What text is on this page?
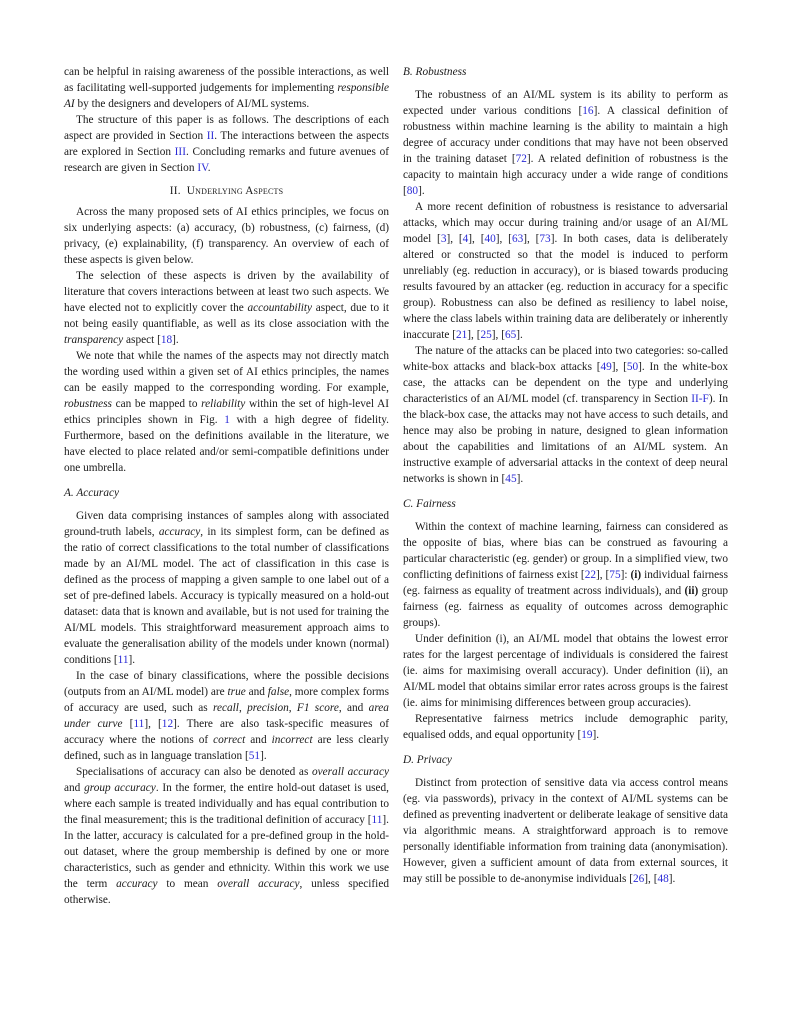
can be helpful in raising awareness of the possible interactions, as well as facilitating well-supported judgements for implementing responsible AI by the designers and developers of AI/ML systems.

The structure of this paper is as follows. The descriptions of each aspect are provided in Section II. The interactions between the aspects are explored in Section III. Concluding remarks and future avenues of research are given in Section IV.

II. Underlying Aspects

Across the many proposed sets of AI ethics principles, we focus on six underlying aspects: (a) accuracy, (b) robustness, (c) fairness, (d) privacy, (e) explainability, (f) transparency. An overview of each of these aspects is given below.

The selection of these aspects is driven by the availability of literature that covers interactions between at least two such aspects. We have elected not to explicitly cover the accountability aspect, due to it not being easily quantifiable, as well as its close association with the transparency aspect [18].

We note that while the names of the aspects may not directly match the wording used within a given set of AI ethics principles, the names can be easily mapped to the corresponding wording. For example, robustness can be mapped to reliability within the set of high-level AI ethics principles shown in Fig. 1 with a high degree of fidelity. Furthermore, based on the definitions available in the literature, we have elected to place related and/or semi-compatible definitions under one umbrella.

A. Accuracy

Given data comprising instances of samples along with associated ground-truth labels, accuracy, in its simplest form, can be defined as the ratio of correct classifications to the total number of classifications made by an AI/ML model. The act of classification in this case is defined as the process of mapping a given sample to one label out of a set of pre-defined labels. Accuracy is typically measured on a hold-out dataset: data that is known and available, but is not used for training the AI/ML models. This straightforward measurement approach aims to evaluate the generalisation ability of the models under known (normal) conditions [11].

In the case of binary classifications, where the possible decisions (outputs from an AI/ML model) are true and false, more complex forms of accuracy are used, such as recall, precision, F1 score, and area under curve [11], [12]. There are also task-specific measures of accuracy where the notions of correct and incorrect are less clearly defined, such as in language translation [51].

Specialisations of accuracy can also be denoted as overall accuracy and group accuracy. In the former, the entire hold-out dataset is used, where each sample is treated individually and has equal contribution to the final measurement; this is the traditional definition of accuracy [11]. In the latter, accuracy is calculated for a pre-defined group in the hold-out dataset, where the group membership is defined by one or more characteristics, such as gender and ethnicity. Within this work we use the term accuracy to mean overall accuracy, unless specified otherwise.

B. Robustness

The robustness of an AI/ML system is its ability to perform as expected under various conditions [16]. A classical definition of robustness within machine learning is the ability to maintain a high degree of accuracy under conditions that may have not been observed in the training dataset [72]. A related definition of robustness is the capacity to maintain high accuracy under a wide range of conditions [80].

A more recent definition of robustness is resistance to adversarial attacks, which may occur during training and/or usage of an AI/ML model [3], [4], [40], [63], [73]. In both cases, data is deliberately altered or constructed so that the model is induced to perform unreliably (eg. reduction in accuracy), or is biased towards producing results favoured by an attacker (eg. reduction in accuracy for a specific group). Robustness can also be defined as resiliency to label noise, where the class labels within training data are deliberately or inherently inaccurate [21], [25], [65].

The nature of the attacks can be placed into two categories: so-called white-box attacks and black-box attacks [49], [50]. In the white-box case, the attacks can be dependent on the type and underlying characteristics of an AI/ML model (cf. transparency in Section II-F). In the black-box case, the attacks may not have access to such details, and hence may also be probing in nature, designed to glean information about the capabilities and limitations of an AI/ML system. An instructive example of adversarial attacks in the context of deep neural networks is shown in [45].

C. Fairness

Within the context of machine learning, fairness can considered as the opposite of bias, where bias can be construed as favouring a particular characteristic (eg. gender) or group. In a simplified view, two conflicting definitions of fairness exist [22], [75]: (i) individual fairness (eg. fairness as equality of treatment across individuals), and (ii) group fairness (eg. fairness as equality of outcomes across demographic groups).

Under definition (i), an AI/ML model that obtains the lowest error rates for the largest percentage of individuals is considered the fairest (ie. aims for maximising overall accuracy). Under definition (ii), an AI/ML model that obtains similar error rates across groups is the fairest (ie. aims for minimising differences between group accuracies).

Representative fairness metrics include demographic parity, equalised odds, and equal opportunity [19].

D. Privacy

Distinct from protection of sensitive data via access control means (eg. via passwords), privacy in the context of AI/ML systems can be defined as preventing inadvertent or deliberate leakage of sensitive data via algorithmic means. A straightforward approach is to remove personally identifiable information from training data (anonymisation). However, given a sufficient amount of data from external sources, it may still be possible to de-anonymise individuals [26], [48].
